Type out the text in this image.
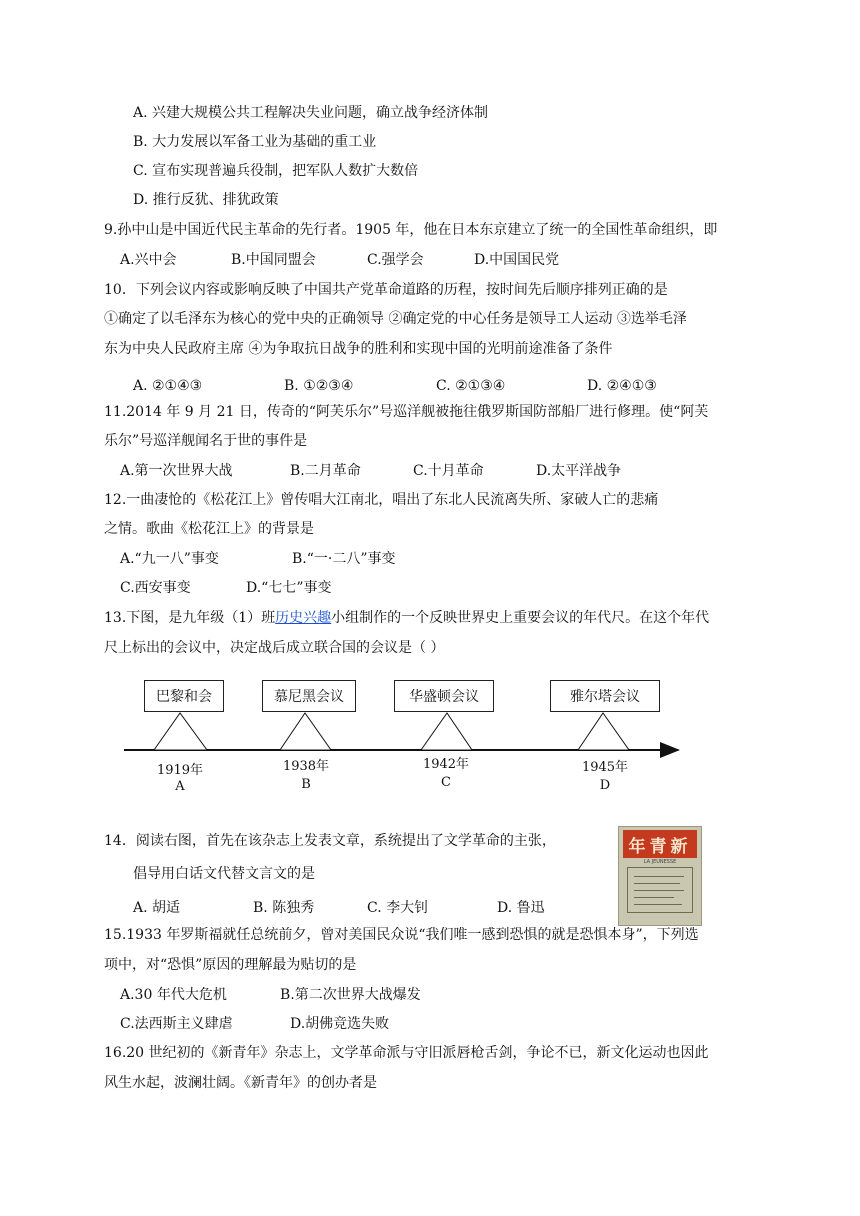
A. 兴建大规模公共工程解决失业问题，确立战争经济体制
B. 大力发展以军备工业为基础的重工业
C. 宣布实现普遍兵役制，把军队人数扩大数倍
D. 推行反犹、排犹政策
9.孙中山是中国近代民主革命的先行者。1905 年，他在日本东京建立了统一的全国性革命组织，即
A.兴中会	B.中国同盟会	C.强学会	D.中国国民党
10．下列会议内容或影响反映了中国共产党革命道路的历程，按时间先后顺序排列正确的是
①确定了以毛泽东为核心的党中央的正确领导 ②确定党的中心任务是领导工人运动 ③选举毛泽
东为中央人民政府主席 ④为争取抗日战争的胜利和实现中国的光明前途准备了条件
A. ②①④③	B. ①②③④	C. ②①③④	D. ②④①③
11.2014 年 9 月 21 日，传奇的“阿芙乐尔”号巡洋舰被拖往俄罗斯国防部船厂进行修理。使“阿芙
乐尔”号巡洋舰闻名于世的事件是
A.第一次世界大战	B.二月革命	C.十月革命	D.太平洋战争
12.一曲凄怆的《松花江上》曾传唱大江南北，唱出了东北人民流离失所、家破人亡的悲痛
之情。歌曲《松花江上》的背景是
A.“九一八”事变	B.“一·二八”事变
C.西安事变	D.“七七”事变
13.下图，是九年级（1）班历史兴趣小组制作的一个反映世界史上重要会议的年代尺。在这个年代
尺上标出的会议中，决定战后成立联合国的会议是（ ）
巴黎和会	慕尼黑会议	华盛顿会议	雅尔塔会议
1919年
A
1938年
B
1942年
C
1945年
D
14．阅读右图，首先在该杂志上发表文章，系统提出了文学革命的主张，
倡导用白话文代替文言文的是
A. 胡适	B. 陈独秀	C. 李大钊	D. 鲁迅
年青新
LA JEUNESSE
15.1933 年罗斯福就任总统前夕，曾对美国民众说“我们唯一感到恐惧的就是恐惧本身”，下列选
项中，对“恐惧”原因的理解最为贴切的是
A.30 年代大危机	B.第二次世界大战爆发
C.法西斯主义肆虐	D.胡佛竞选失败
16.20 世纪初的《新青年》杂志上，文学革命派与守旧派唇枪舌剑，争论不已，新文化运动也因此
风生水起，波澜壮阔。《新青年》的创办者是
